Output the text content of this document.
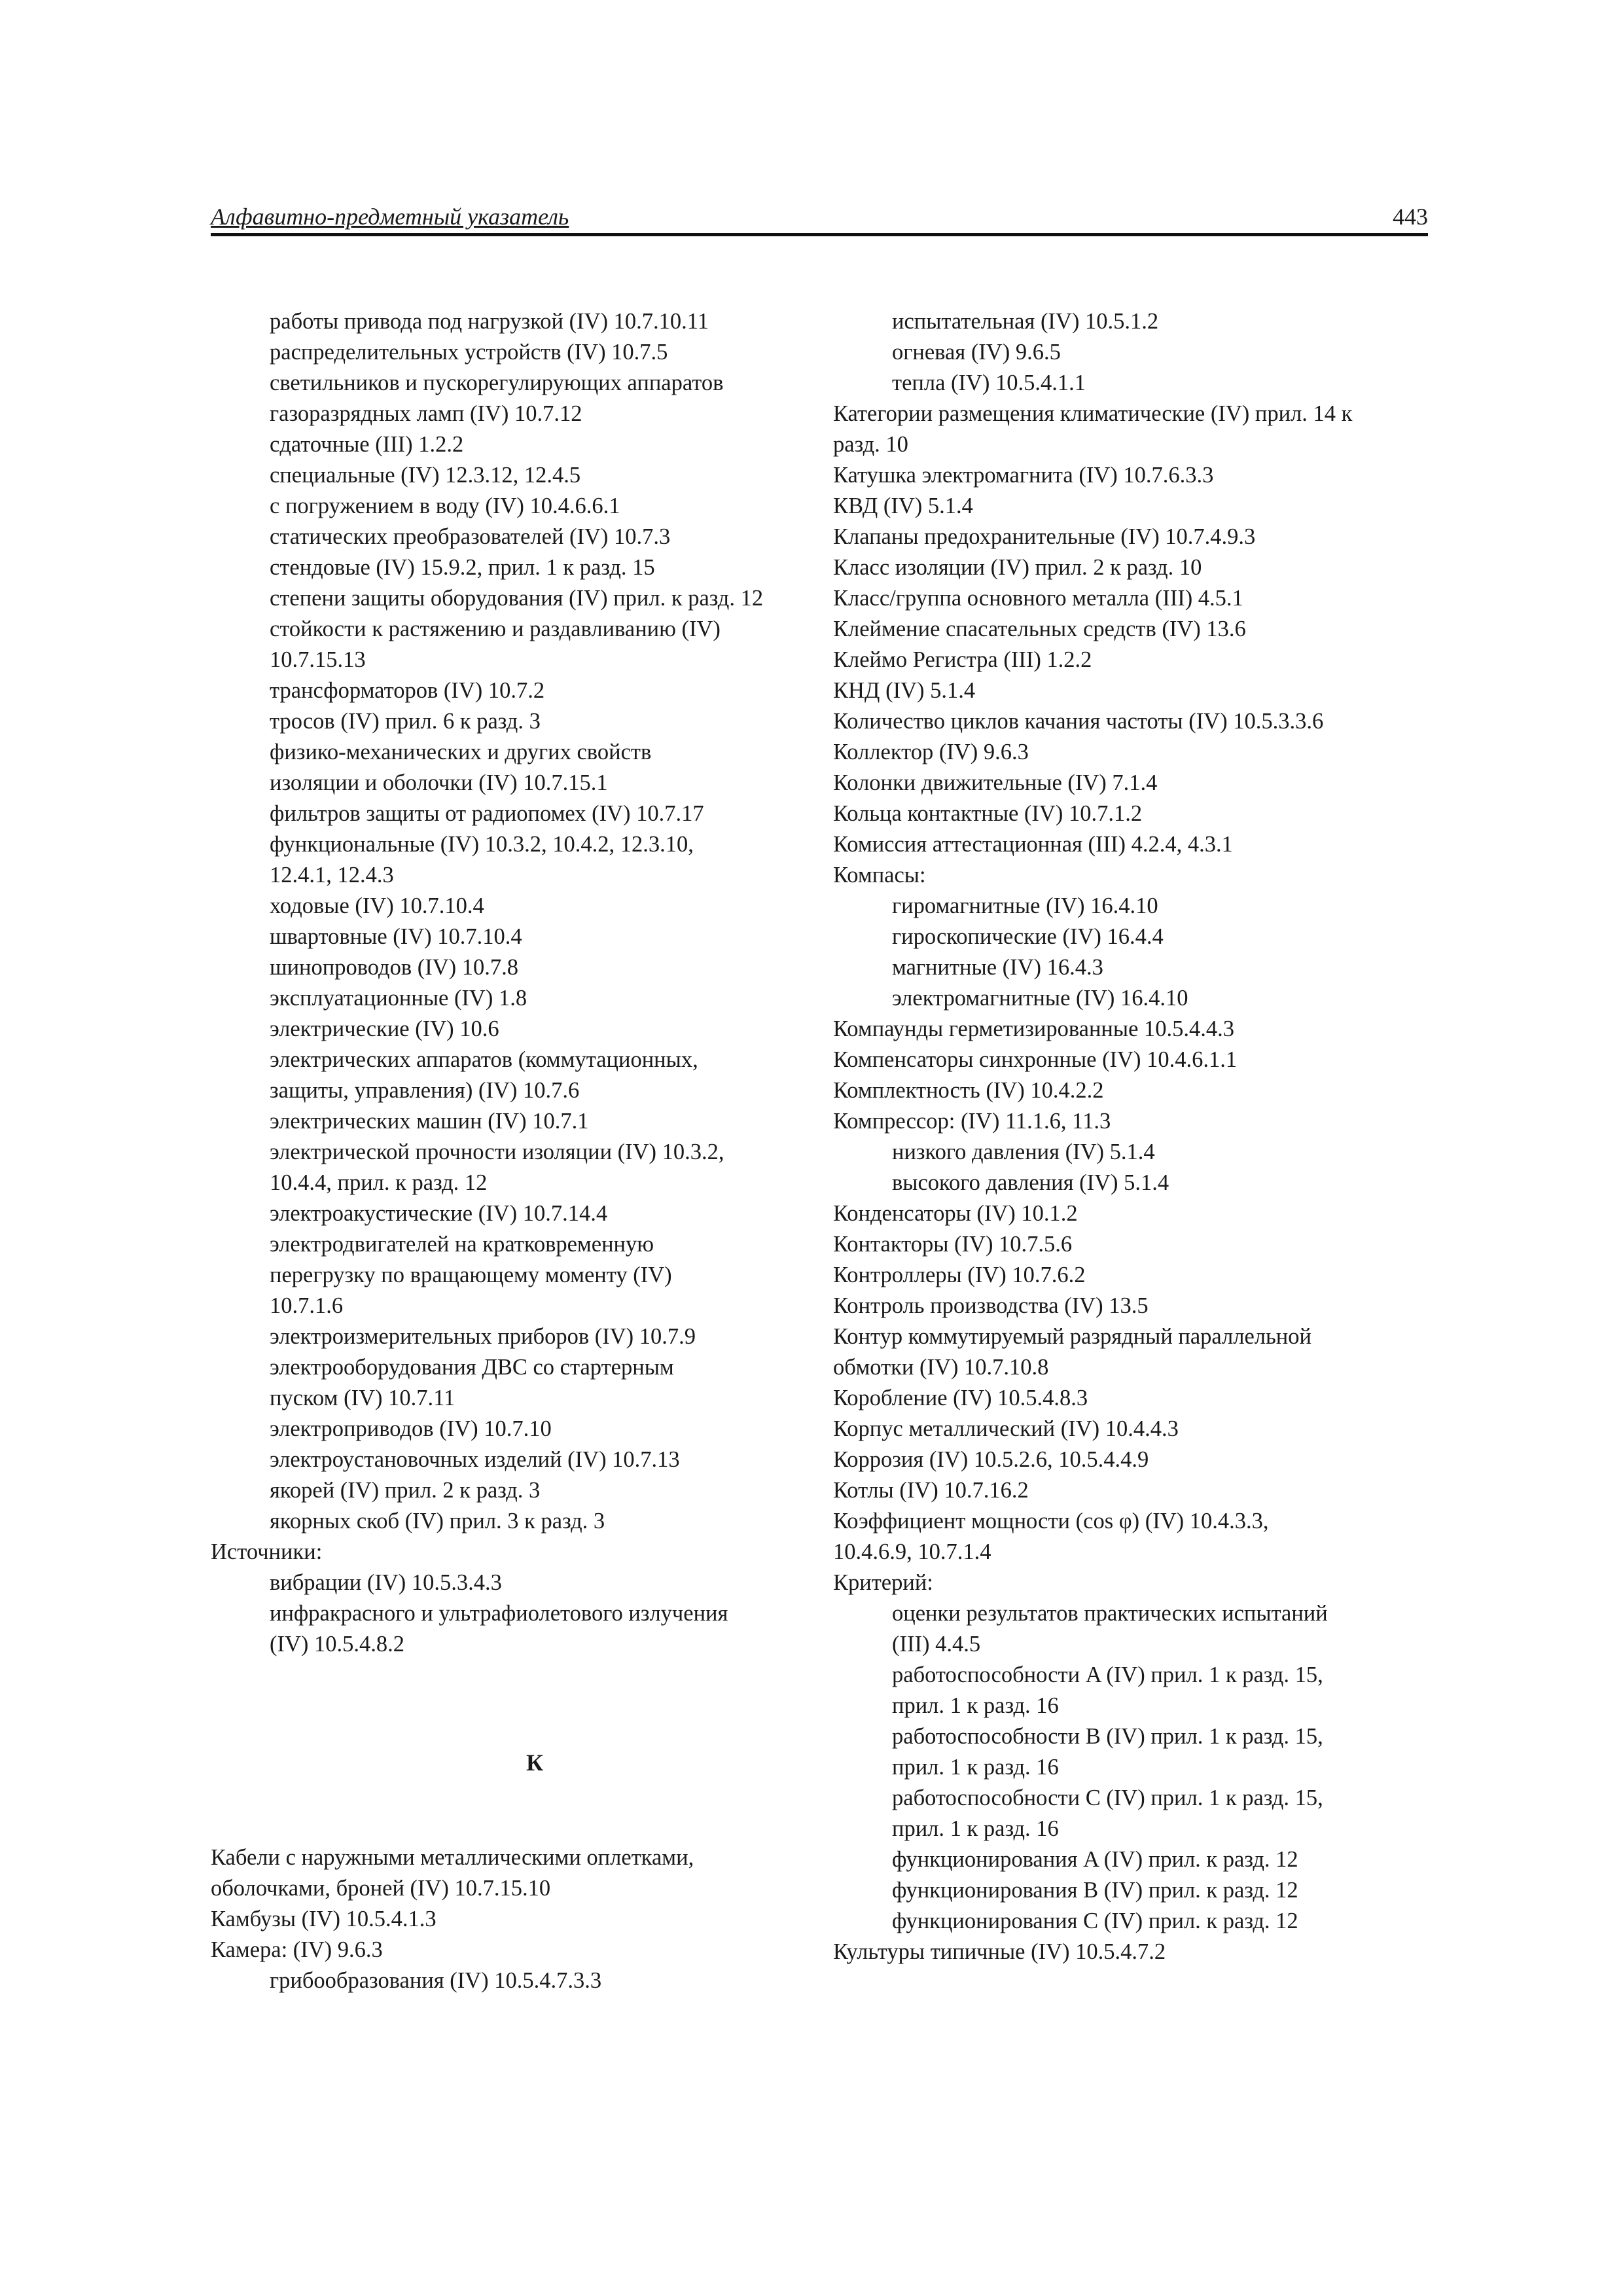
Алфавитно-предметный указатель	443
работы привода под нагрузкой (IV) 10.7.10.11
распределительных устройств (IV) 10.7.5
светильников и пускорегулирующих аппаратов
газоразрядных ламп (IV) 10.7.12
сдаточные (III) 1.2.2
специальные (IV) 12.3.12, 12.4.5
с погружением в воду (IV) 10.4.6.6.1
статических преобразователей (IV) 10.7.3
стендовые (IV) 15.9.2, прил. 1 к разд. 15
степени защиты оборудования (IV) прил. к разд. 12
стойкости к растяжению и раздавливанию (IV)
10.7.15.13
трансформаторов (IV) 10.7.2
тросов (IV) прил. 6 к разд. 3
физико-механических и других свойств
изоляции и оболочки (IV) 10.7.15.1
фильтров защиты от радиопомех (IV) 10.7.17
функциональные (IV) 10.3.2, 10.4.2, 12.3.10,
12.4.1, 12.4.3
ходовые (IV) 10.7.10.4
швартовные (IV) 10.7.10.4
шинопроводов (IV) 10.7.8
эксплуатационные (IV) 1.8
электрические (IV) 10.6
электрических аппаратов (коммутационных,
защиты, управления) (IV) 10.7.6
электрических машин (IV) 10.7.1
электрической прочности изоляции (IV) 10.3.2,
10.4.4, прил. к разд. 12
электроакустические (IV) 10.7.14.4
электродвигателей на кратковременную
перегрузку по вращающему моменту (IV)
10.7.1.6
электроизмерительных приборов (IV) 10.7.9
электрооборудования ДВС со стартерным
пуском (IV) 10.7.11
электроприводов (IV) 10.7.10
электроустановочных изделий (IV) 10.7.13
якорей (IV) прил. 2 к разд. 3
якорных скоб (IV) прил. 3 к разд. 3
Источники:
вибрации (IV) 10.5.3.4.3
инфракрасного и ультрафиолетового излучения
(IV) 10.5.4.8.2
К
Кабели с наружными металлическими оплетками,
оболочками, броней (IV) 10.7.15.10
Камбузы (IV) 10.5.4.1.3
Камера: (IV) 9.6.3
грибообразования (IV) 10.5.4.7.3.3
испытательная (IV) 10.5.1.2
огневая (IV) 9.6.5
тепла (IV) 10.5.4.1.1
Категории размещения климатические (IV) прил. 14 к
разд. 10
Катушка электромагнита (IV) 10.7.6.3.3
КВД (IV) 5.1.4
Клапаны предохранительные (IV) 10.7.4.9.3
Класс изоляции (IV) прил. 2 к разд. 10
Класс/группа основного металла (III) 4.5.1
Клеймение спасательных средств (IV) 13.6
Клеймо Регистра (III) 1.2.2
КНД (IV) 5.1.4
Количество циклов качания частоты (IV) 10.5.3.3.6
Коллектор (IV) 9.6.3
Колонки движительные (IV) 7.1.4
Кольца контактные (IV) 10.7.1.2
Комиссия аттестационная (III) 4.2.4, 4.3.1
Компасы:
гиромагнитные (IV) 16.4.10
гироскопические (IV) 16.4.4
магнитные (IV) 16.4.3
электромагнитные (IV) 16.4.10
Компаунды герметизированные 10.5.4.4.3
Компенсаторы синхронные (IV) 10.4.6.1.1
Комплектность (IV) 10.4.2.2
Компрессор: (IV) 11.1.6, 11.3
низкого давления (IV) 5.1.4
высокого давления (IV) 5.1.4
Конденсаторы (IV) 10.1.2
Контакторы (IV) 10.7.5.6
Контроллеры (IV) 10.7.6.2
Контроль производства (IV) 13.5
Контур коммутируемый разрядный параллельной
обмотки (IV) 10.7.10.8
Коробление (IV) 10.5.4.8.3
Корпус металлический (IV) 10.4.4.3
Коррозия (IV) 10.5.2.6, 10.5.4.4.9
Котлы (IV) 10.7.16.2
Коэффициент мощности (cos φ) (IV) 10.4.3.3,
10.4.6.9, 10.7.1.4
Критерий:
оценки результатов практических испытаний
(III) 4.4.5
работоспособности A (IV) прил. 1 к разд. 15,
прил. 1 к разд. 16
работоспособности B (IV) прил. 1 к разд. 15,
прил. 1 к разд. 16
работоспособности C (IV) прил. 1 к разд. 15,
прил. 1 к разд. 16
функционирования A (IV) прил. к разд. 12
функционирования B (IV) прил. к разд. 12
функционирования C (IV) прил. к разд. 12
Культуры типичные (IV) 10.5.4.7.2
